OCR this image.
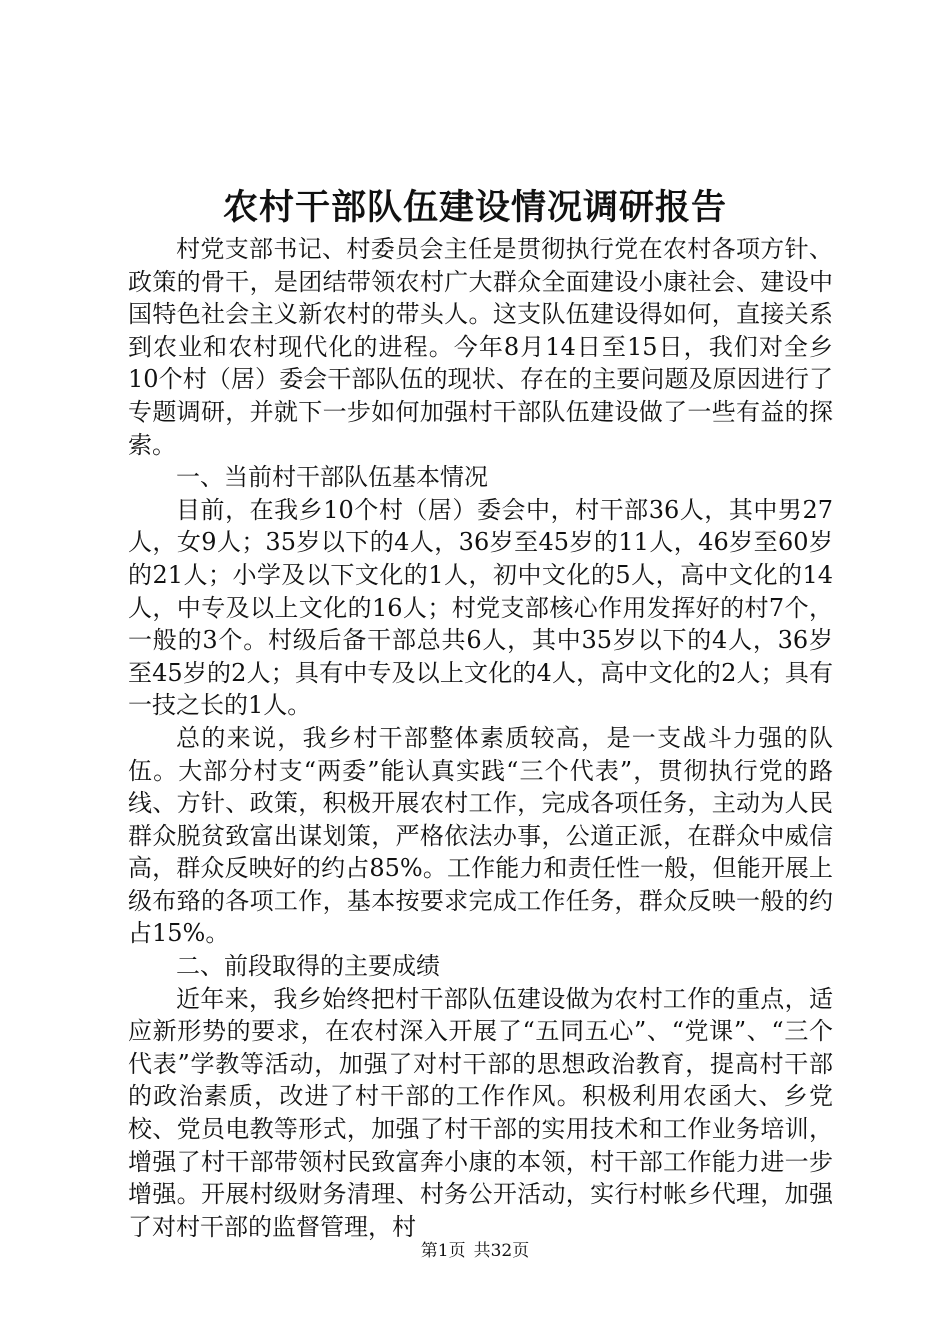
农村干部队伍建设情况调研报告

村党支部书记、村委员会主任是贯彻执行党在农村各项方针、政策的骨干，是团结带领农村广大群众全面建设小康社会、建设中国特色社会主义新农村的带头人。这支队伍建设得如何，直接关系到农业和农村现代化的进程。今年8月14日至15日，我们对全乡10个村（居）委会干部队伍的现状、存在的主要问题及原因进行了专题调研，并就下一步如何加强村干部队伍建设做了一些有益的探索。

一、当前村干部队伍基本情况

目前，在我乡10个村（居）委会中，村干部36人，其中男27人，女9人；35岁以下的4人，36岁至45岁的11人，46岁至60岁的21人；小学及以下文化的1人，初中文化的5人，高中文化的14人，中专及以上文化的16人；村党支部核心作用发挥好的村7个，一般的3个。村级后备干部总共6人，其中35岁以下的4人，36岁至45岁的2人；具有中专及以上文化的4人，高中文化的2人；具有一技之长的1人。

总的来说，我乡村干部整体素质较高，是一支战斗力强的队伍。大部分村支“两委”能认真实践“三个代表”，贯彻执行党的路线、方针、政策，积极开展农村工作，完成各项任务，主动为人民群众脱贫致富出谋划策，严格依法办事，公道正派，在群众中威信高，群众反映好的约占85%。工作能力和责任性一般，但能开展上级布臵的各项工作，基本按要求完成工作任务，群众反映一般的约占15%。

二、前段取得的主要成绩

近年来，我乡始终把村干部队伍建设做为农村工作的重点，适应新形势的要求，在农村深入开展了“五同五心”、“党课”、“三个代表”学教等活动，加强了对村干部的思想政治教育，提高村干部的政治素质，改进了村干部的工作作风。积极利用农函大、乡党校、党员电教等形式，加强了村干部的实用技术和工作业务培训，增强了村干部带领村民致富奔小康的本领，村干部工作能力进一步增强。开展村级财务清理、村务公开活动，实行村帐乡代理，加强了对村干部的监督管理，村

第1页 共32页
